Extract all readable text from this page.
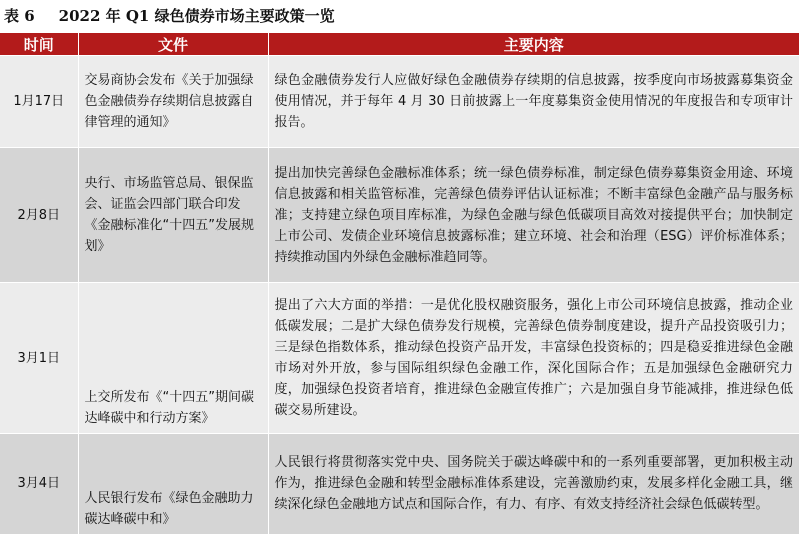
表 6 2022 年 Q1 绿色债券市场主要政策一览
时间	文件	主要内容
1月17日	交易商协会发布《关于加强绿色金融债券存续期信息披露自律管理的通知》	绿色金融债券发行人应做好绿色金融债券存续期的信息披露，按季度向市场披露募集资金使用情况，并于每年 4 月 30 日前披露上一年度募集资金使用情况的年度报告和专项审计报告。
2月8日	央行、市场监管总局、银保监会、证监会四部门联合印发《金融标准化“十四五”发展规划》	提出加快完善绿色金融标准体系；统一绿色债券标准，制定绿色债券募集资金用途、环境信息披露和相关监管标准，完善绿色债券评估认证标准；不断丰富绿色金融产品与服务标准；支持建立绿色项目库标准，为绿色金融与绿色低碳项目高效对接提供平台；加快制定上市公司、发债企业环境信息披露标准；建立环境、社会和治理（ESG）评价标准体系；持续推动国内外绿色金融标准趋同等。
3月1日	上交所发布《“十四五”期间碳达峰碳中和行动方案》	提出了六大方面的举措：一是优化股权融资服务，强化上市公司环境信息披露，推动企业低碳发展；二是扩大绿色债券发行规模，完善绿色债券制度建设，提升产品投资吸引力；三是绿色指数体系，推动绿色投资产品开发，丰富绿色投资标的；四是稳妥推进绿色金融市场对外开放，参与国际组织绿色金融工作，深化国际合作；五是加强绿色金融研究力度，加强绿色投资者培育，推进绿色金融宣传推广；六是加强自身节能减排，推进绿色低碳交易所建设。
3月4日	人民银行发布《绿色金融助力碳达峰碳中和》	人民银行将贯彻落实党中央、国务院关于碳达峰碳中和的一系列重要部署，更加积极主动作为，推进绿色金融和转型金融标准体系建设，完善激励约束，发展多样化金融工具，继续深化绿色金融地方试点和国际合作，有力、有序、有效支持经济社会绿色低碳转型。
